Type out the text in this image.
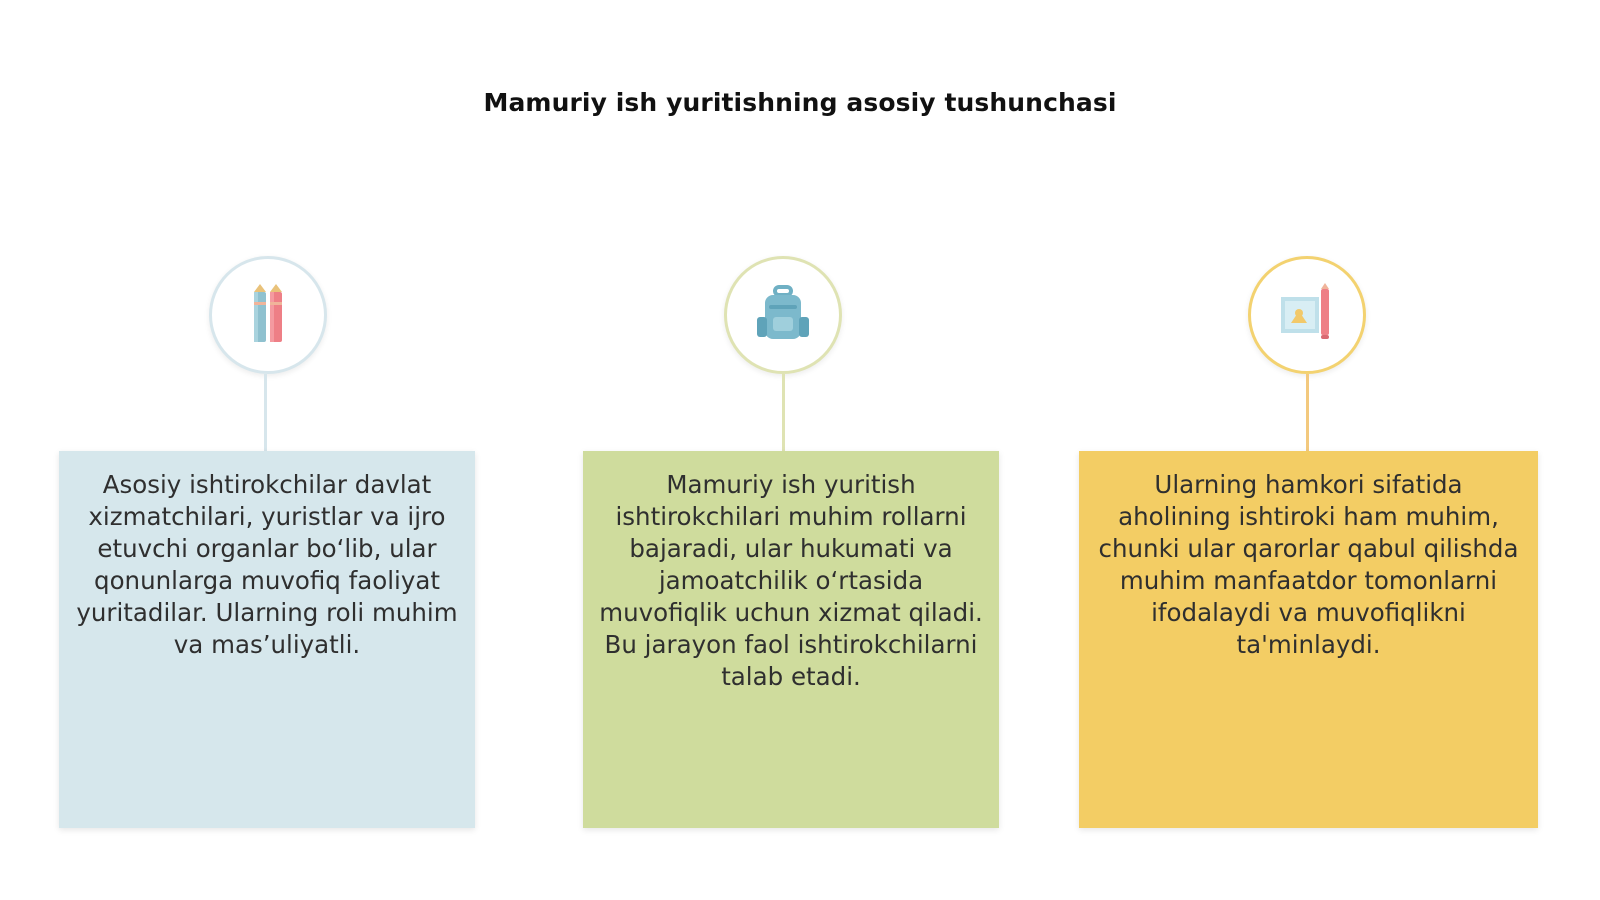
Mamuriy ish yuritishning asosiy tushunchasi
Asosiy ishtirokchilar davlat xizmatchilari, yuristlar va ijro etuvchi organlar bo‘lib, ular qonunlarga muvofiq faoliyat yuritadilar. Ularning roli muhim va mas’uliyatli.
Mamuriy ish yuritish ishtirokchilari muhim rollarni bajaradi, ular hukumati va jamoatchilik o‘rtasida muvofiqlik uchun xizmat qiladi. Bu jarayon faol ishtirokchilarni talab etadi.
Ularning hamkori sifatida aholining ishtiroki ham muhim, chunki ular qarorlar qabul qilishda muhim manfaatdor tomonlarni ifodalaydi va muvofiqlikni ta'minlaydi.
